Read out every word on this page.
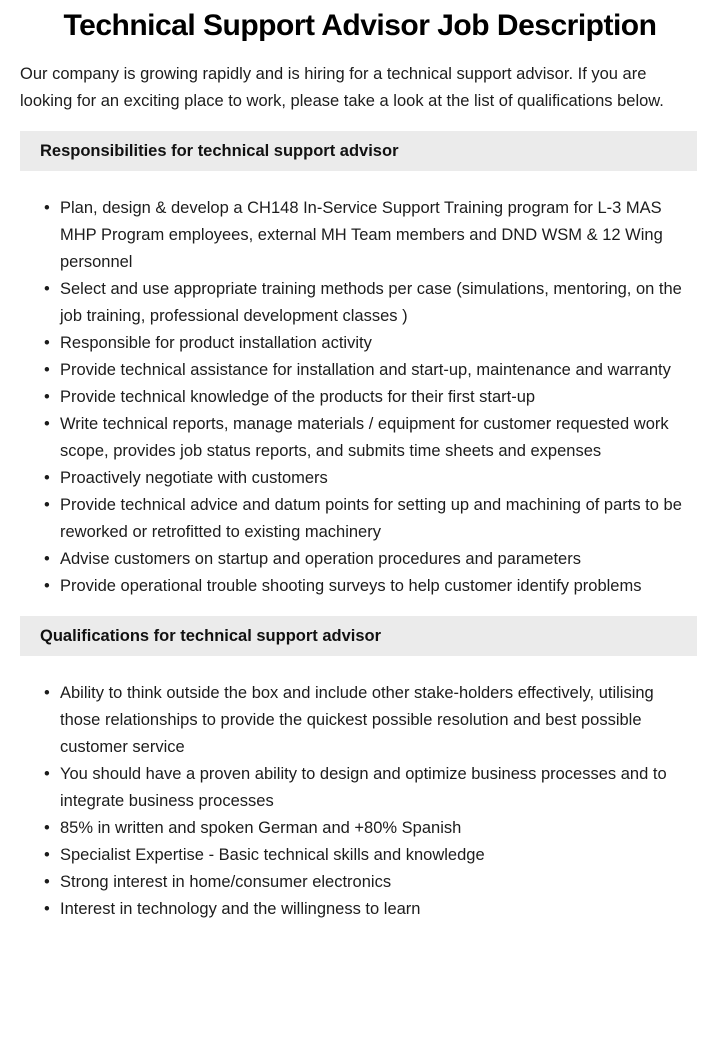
Technical Support Advisor Job Description

Our company is growing rapidly and is hiring for a technical support advisor. If you are looking for an exciting place to work, please take a look at the list of qualifications below.

Responsibilities for technical support advisor
• Plan, design & develop a CH148 In-Service Support Training program for L-3 MAS MHP Program employees, external MH Team members and DND WSM & 12 Wing personnel
• Select and use appropriate training methods per case (simulations, mentoring, on the job training, professional development classes )
• Responsible for product installation activity
• Provide technical assistance for installation and start-up, maintenance and warranty
• Provide technical knowledge of the products for their first start-up
• Write technical reports, manage materials / equipment for customer requested work scope, provides job status reports, and submits time sheets and expenses
• Proactively negotiate with customers
• Provide technical advice and datum points for setting up and machining of parts to be reworked or retrofitted to existing machinery
• Advise customers on startup and operation procedures and parameters
• Provide operational trouble shooting surveys to help customer identify problems
Qualifications for technical support advisor
• Ability to think outside the box and include other stake-holders effectively, utilising those relationships to provide the quickest possible resolution and best possible customer service
• You should have a proven ability to design and optimize business processes and to integrate business processes
• 85% in written and spoken German and +80% Spanish
• Specialist Expertise - Basic technical skills and knowledge
• Strong interest in home/consumer electronics
• Interest in technology and the willingness to learn
